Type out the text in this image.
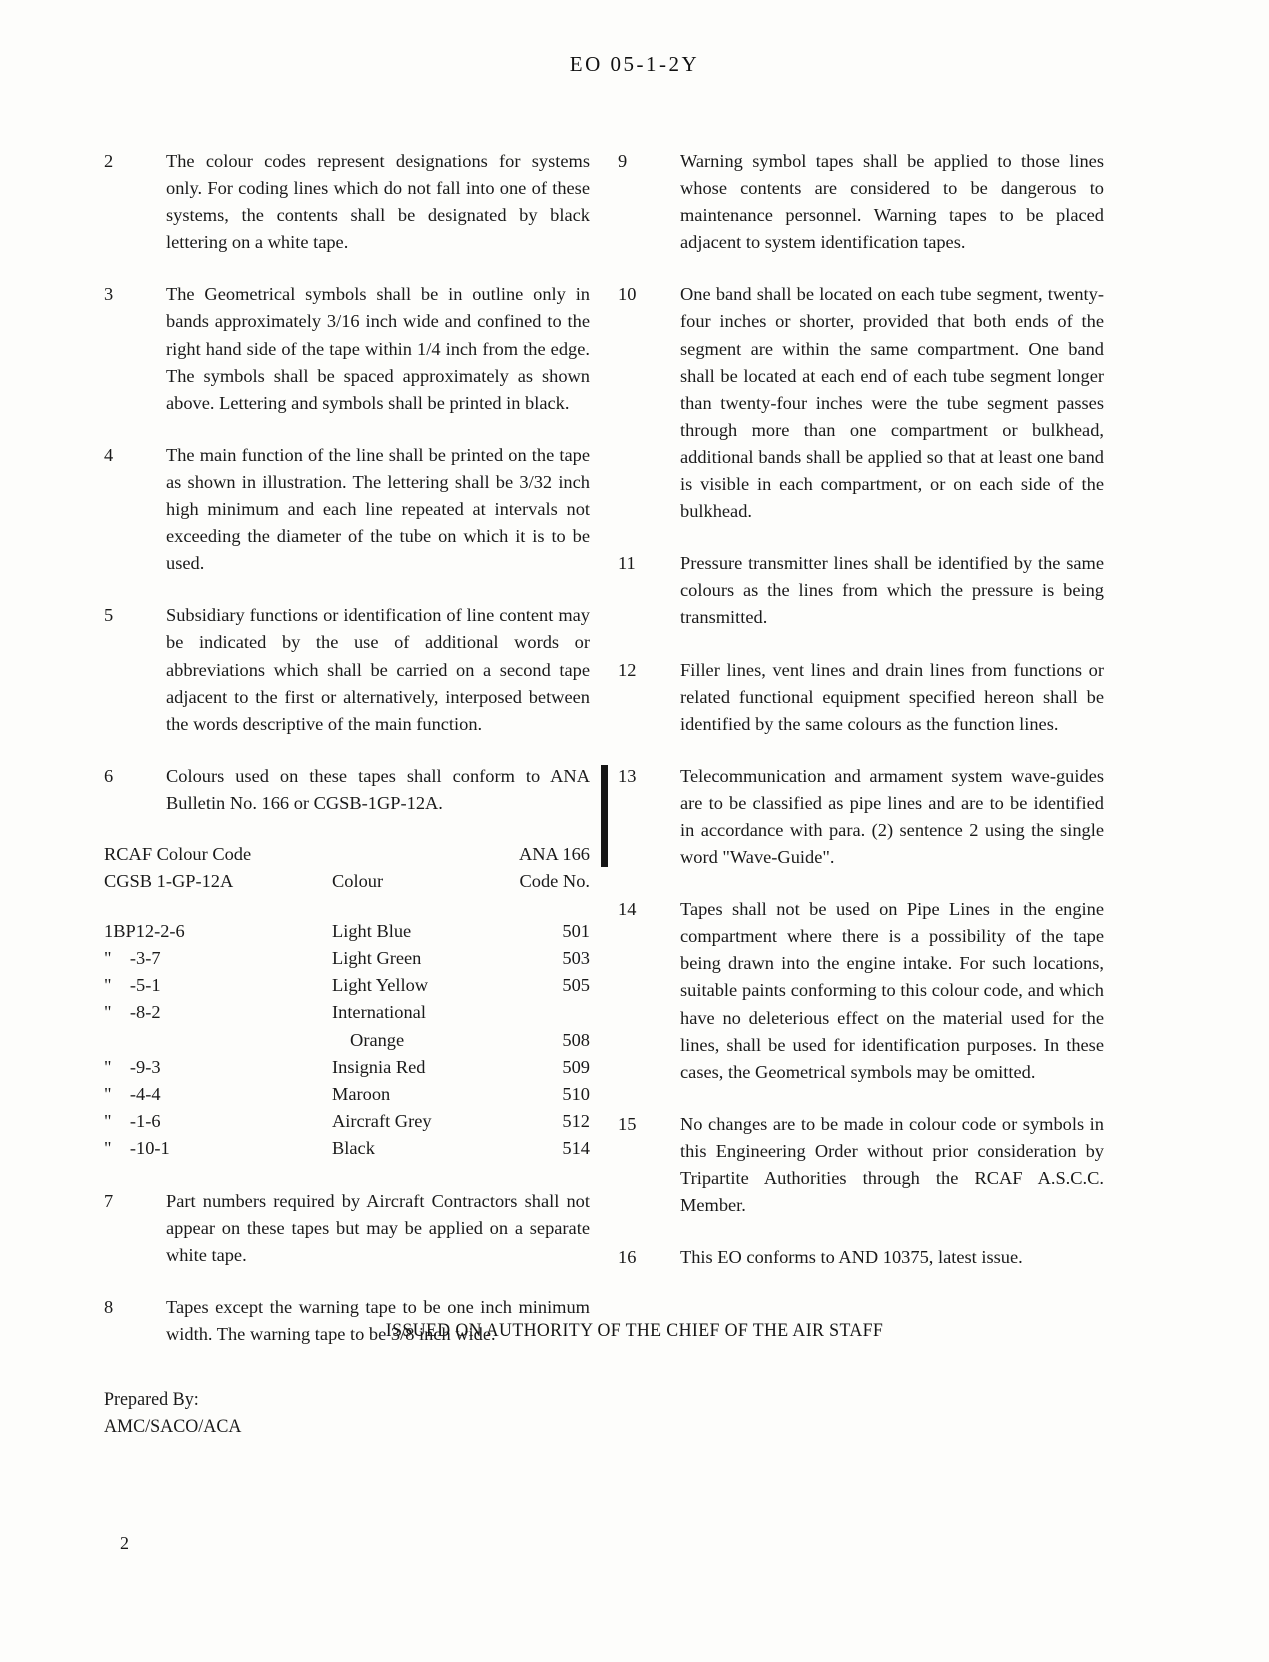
EO 05-1-2Y
2	The colour codes represent designations for systems only. For coding lines which do not fall into one of these systems, the contents shall be designated by black lettering on a white tape.
3	The Geometrical symbols shall be in outline only in bands approximately 3/16 inch wide and confined to the right hand side of the tape within 1/4 inch from the edge. The symbols shall be spaced approximately as shown above. Lettering and symbols shall be printed in black.
4	The main function of the line shall be printed on the tape as shown in illustration. The lettering shall be 3/32 inch high minimum and each line repeated at intervals not exceeding the diameter of the tube on which it is to be used.
5	Subsidiary functions or identification of line content may be indicated by the use of additional words or abbreviations which shall be carried on a second tape adjacent to the first or alternatively, interposed between the words descriptive of the main function.
6	Colours used on these tapes shall conform to ANA Bulletin No. 166 or CGSB-1GP-12A.
RCAF Colour Code	ANA 166
CGSB 1-GP-12A	Colour	Code No.
1BP12-2-6	Light Blue	501
"    -3-7	Light Green	503
"    -5-1	Light Yellow	505
"    -8-2	International
Orange	508
"    -9-3	Insignia Red	509
"    -4-4	Maroon	510
"    -1-6	Aircraft Grey	512
"    -10-1	Black	514
7	Part numbers required by Aircraft Contractors shall not appear on these tapes but may be applied on a separate white tape.
8	Tapes except the warning tape to be one inch minimum width. The warning tape to be 3/8 inch wide.
9	Warning symbol tapes shall be applied to those lines whose contents are considered to be dangerous to maintenance personnel. Warning tapes to be placed adjacent to system identification tapes.
10	One band shall be located on each tube segment, twenty-four inches or shorter, provided that both ends of the segment are within the same compartment. One band shall be located at each end of each tube segment longer than twenty-four inches were the tube segment passes through more than one compartment or bulkhead, additional bands shall be applied so that at least one band is visible in each compartment, or on each side of the bulkhead.
11	Pressure transmitter lines shall be identified by the same colours as the lines from which the pressure is being transmitted.
12	Filler lines, vent lines and drain lines from functions or related functional equipment specified hereon shall be identified by the same colours as the function lines.
13	Telecommunication and armament system wave-guides are to be classified as pipe lines and are to be identified in accordance with para. (2) sentence 2 using the single word "Wave-Guide".
14	Tapes shall not be used on Pipe Lines in the engine compartment where there is a possibility of the tape being drawn into the engine intake. For such locations, suitable paints conforming to this colour code, and which have no deleterious effect on the material used for the lines, shall be used for identification purposes. In these cases, the Geometrical symbols may be omitted.
15	No changes are to be made in colour code or symbols in this Engineering Order without prior consideration by Tripartite Authorities through the RCAF A.S.C.C. Member.
16	This EO conforms to AND 10375, latest issue.
ISSUED ON AUTHORITY OF THE CHIEF OF THE AIR STAFF
Prepared By:
AMC/SACO/ACA
2
